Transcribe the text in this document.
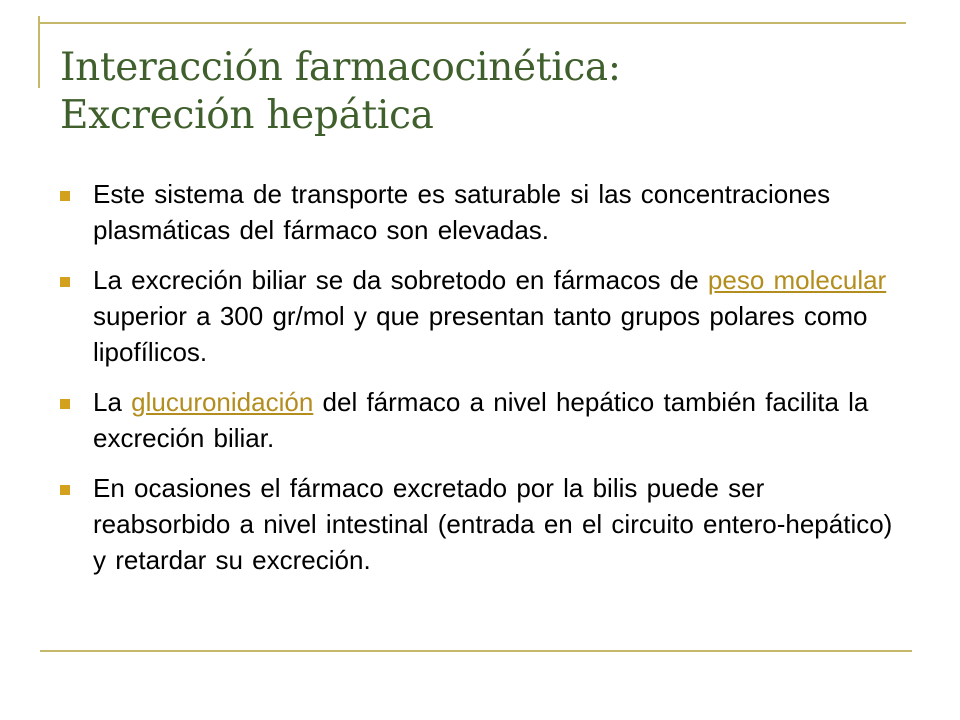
Interacción farmacocinética:
Excreción hepática
Este sistema de transporte es saturable si las concentraciones plasmáticas del fármaco son elevadas.
La excreción biliar se da sobretodo en fármacos de peso molecular superior a 300 gr/mol y que presentan tanto grupos polares como lipofílicos.
La glucuronidación del fármaco a nivel hepático también facilita la excreción biliar.
En ocasiones el fármaco excretado por la bilis puede ser reabsorbido a nivel intestinal (entrada en el circuito entero-hepático) y retardar su excreción.
